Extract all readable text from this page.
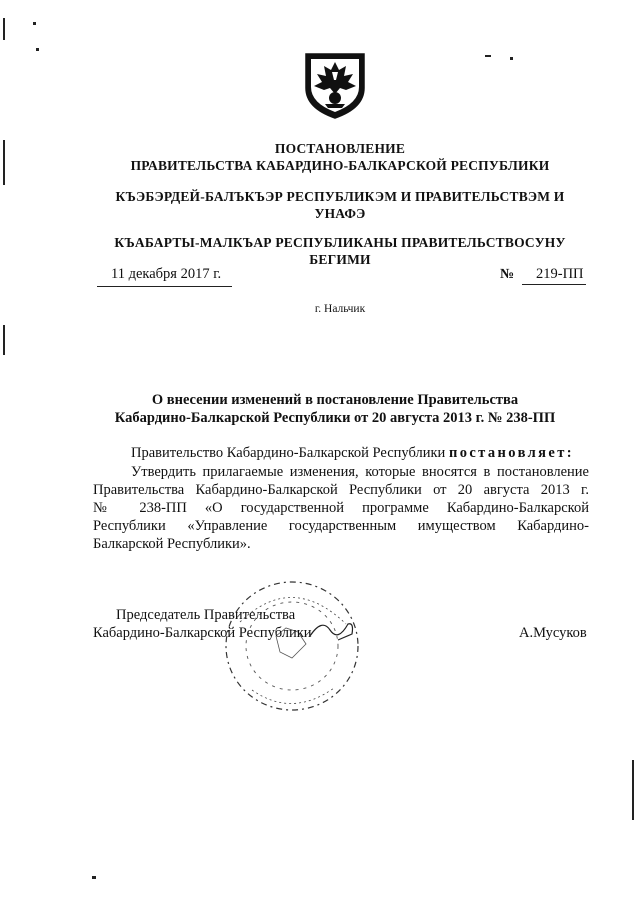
ПОСТАНОВЛЕНИЕ
ПРАВИТЕЛЬСТВА КАБАРДИНО-БАЛКАРСКОЙ РЕСПУБЛИКИ
КЪЭБЭРДЕЙ-БАЛЪКЪЭР РЕСПУБЛИКЭМ И ПРАВИТЕЛЬСТВЭМ И
УНАФЭ
КЪАБАРТЫ-МАЛКЪАР РЕСПУБЛИКАНЫ ПРАВИТЕЛЬСТВОСУНУ
БЕГИМИ
11 декабря 2017 г.	№	219-ПП
г. Нальчик
О внесении изменений в постановление Правительства
Кабардино-Балкарской Республики от 20 августа 2013 г. № 238-ПП
Правительство Кабардино-Балкарской Республики постановляет:
Утвердить прилагаемые изменения, которые вносятся в постановление
Правительства Кабардино-Балкарской Республики от 20 августа 2013 г.
№ 238-ПП «О государственной программе Кабардино-Балкарской
Республики «Управление государственным имуществом Кабардино-
Балкарской Республики».
Председатель Правительства
Кабардино-Балкарской Республики	А.Мусуков
